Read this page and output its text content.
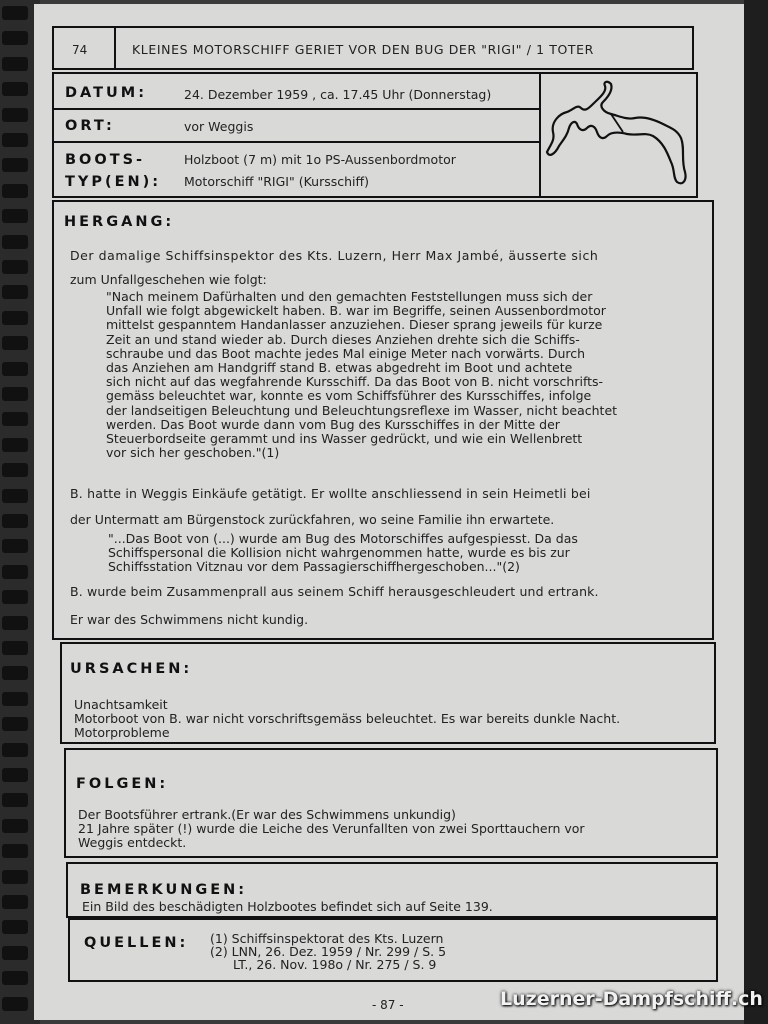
74	KLEINES MOTORSCHIFF GERIET VOR DEN BUG DER "RIGI" / 1 TOTER
DATUM:	24. Dezember 1959 , ca. 17.45 Uhr (Donnerstag)
ORT:	vor Weggis
BOOTS-
TYP(EN):
Holzboot (7 m) mit 1o PS-Aussenbordmotor
Motorschiff "RIGI" (Kursschiff)
HERGANG:
Der damalige Schiffsinspektor des Kts. Luzern, Herr Max Jambé, äusserte sich
zum Unfallgeschehen wie folgt:

"Nach meinem Dafürhalten und den gemachten Feststellungen muss sich der

Unfall wie folgt abgewickelt haben. B. war im Begriffe, seinen Aussenbordmotor

mittelst gespanntem Handanlasser anzuziehen. Dieser sprang jeweils für kurze

Zeit an und stand wieder ab. Durch dieses Anziehen drehte sich die Schiffs-

schraube und das Boot machte jedes Mal einige Meter nach vorwärts. Durch

das Anziehen am Handgriff stand B. etwas abgedreht im Boot und achtete

sich nicht auf das wegfahrende Kursschiff. Da das Boot von B. nicht vorschrifts-

gemäss beleuchtet war, konnte es vom Schiffsführer des Kursschiffes, infolge

der landseitigen Beleuchtung und Beleuchtungsreflexe im Wasser, nicht beachtet

werden. Das Boot wurde dann vom Bug des Kursschiffes in der Mitte der

Steuerbordseite gerammt und ins Wasser gedrückt, und wie ein Wellenbrett

vor sich her geschoben."(1)

B. hatte in Weggis Einkäufe getätigt. Er wollte anschliessend in sein Heimetli bei
der Untermatt am Bürgenstock zurückfahren, wo seine Familie ihn erwartete.

"...Das Boot von (...) wurde am Bug des Motorschiffes aufgespiesst. Da das

Schiffspersonal die Kollision nicht wahrgenommen hatte, wurde es bis zur

Schiffsstation Vitznau vor dem Passagierschiffhergeschoben..."(2)

B. wurde beim Zusammenprall aus seinem Schiff herausgeschleudert und ertrank.
Er war des Schwimmens nicht kundig.
URSACHEN:

Unachtsamkeit

Motorboot von B. war nicht vorschriftsgemäss beleuchtet. Es war bereits dunkle Nacht.

Motorprobleme

FOLGEN:

Der Bootsführer ertrank.(Er war des Schwimmens unkundig)

21 Jahre später (!) wurde die Leiche des Verunfallten von zwei Sporttauchern vor

Weggis entdeckt.

BEMERKUNGEN:
Ein Bild des beschädigten Holzbootes befindet sich auf Seite 139.
QUELLEN: (1) Schiffsinspektorat des Kts. Luzern

(2) LNN, 26. Dez. 1959 / Nr. 299 / S. 5

LT., 26. Nov. 198o / Nr. 275 / S. 9

- 87 -	Luzerner-Dampfschiff.ch
